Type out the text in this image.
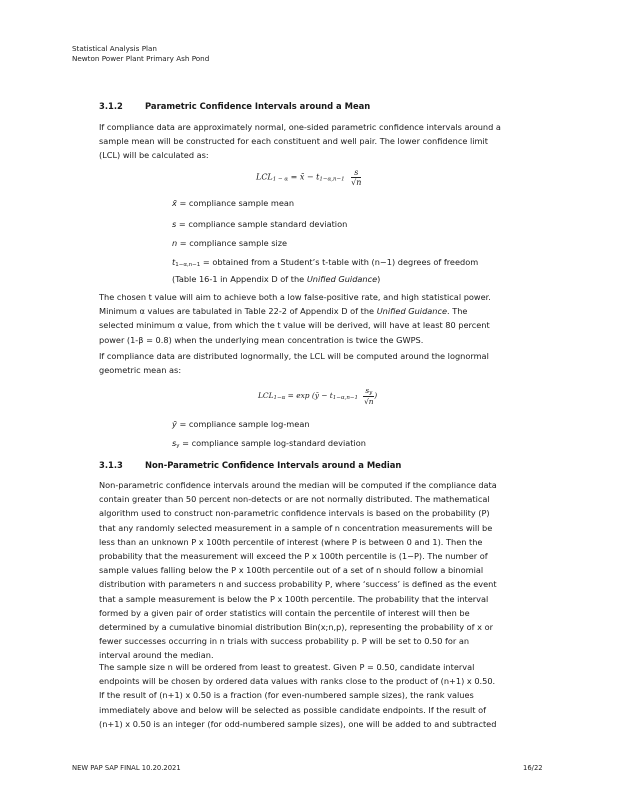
Statistical Analysis Plan
Newton Power Plant Primary Ash Pond
3.1.2	Parametric Confidence Intervals around a Mean
If compliance data are approximately normal, one-sided parametric confidence intervals around a
sample mean will be constructed for each constituent and well pair. The lower confidence limit
(LCL) will be calculated as:
$LCL_{1 - \alpha}$ = x̄ − $t_{1-\alpha,n-1} \frac{s}{√n}$
x̄ = compliance sample mean
s = compliance sample standard deviation
n = compliance sample size
$t_{1-\alpha,n-1}$ = obtained from a Student’s t-table with (n−1) degrees of freedom
(Table 16-1 in Appendix D of the Unified Guidance)
The chosen t value will aim to achieve both a low false-positive rate, and high statistical power.
Minimum α values are tabulated in Table 22-2 of Appendix D of the Unified Guidance. The
selected minimum α value, from which the t value will be derived, will have at least 80 percent
power (1-β = 0.8) when the underlying mean concentration is twice the GWPS.
If compliance data are distributed lognormally, the LCL will be computed around the lognormal
geometric mean as:
$LCL_{1-\alpha} = \exp$ (ȳ − $t_{1-\alpha,n-1} \frac{s_y}{√n}$ )
ȳ = compliance sample log-mean
$s_y$ = compliance sample log-standard deviation
3.1.3	Non-Parametric Confidence Intervals around a Median
Non-parametric confidence intervals around the median will be computed if the compliance data
contain greater than 50 percent non-detects or are not normally distributed. The mathematical
algorithm used to construct non-parametric confidence intervals is based on the probability (P)
that any randomly selected measurement in a sample of n concentration measurements will be
less than an unknown P x 100th percentile of interest (where P is between 0 and 1). Then the
probability that the measurement will exceed the P x 100th percentile is (1−P). The number of
sample values falling below the P x 100th percentile out of a set of n should follow a binomial
distribution with parameters n and success probability P, where ‘success’ is defined as the event
that a sample measurement is below the P x 100th percentile. The probability that the interval
formed by a given pair of order statistics will contain the percentile of interest will then be
determined by a cumulative binomial distribution Bin(x;n,p), representing the probability of x or
fewer successes occurring in n trials with success probability p. P will be set to 0.50 for an
interval around the median.
The sample size n will be ordered from least to greatest. Given P = 0.50, candidate interval
endpoints will be chosen by ordered data values with ranks close to the product of (n+1) x 0.50.
If the result of (n+1) x 0.50 is a fraction (for even-numbered sample sizes), the rank values
immediately above and below will be selected as possible candidate endpoints. If the result of
(n+1) x 0.50 is an integer (for odd-numbered sample sizes), one will be added to and subtracted
NEW PAP SAP FINAL 10.20.2021	16/22
